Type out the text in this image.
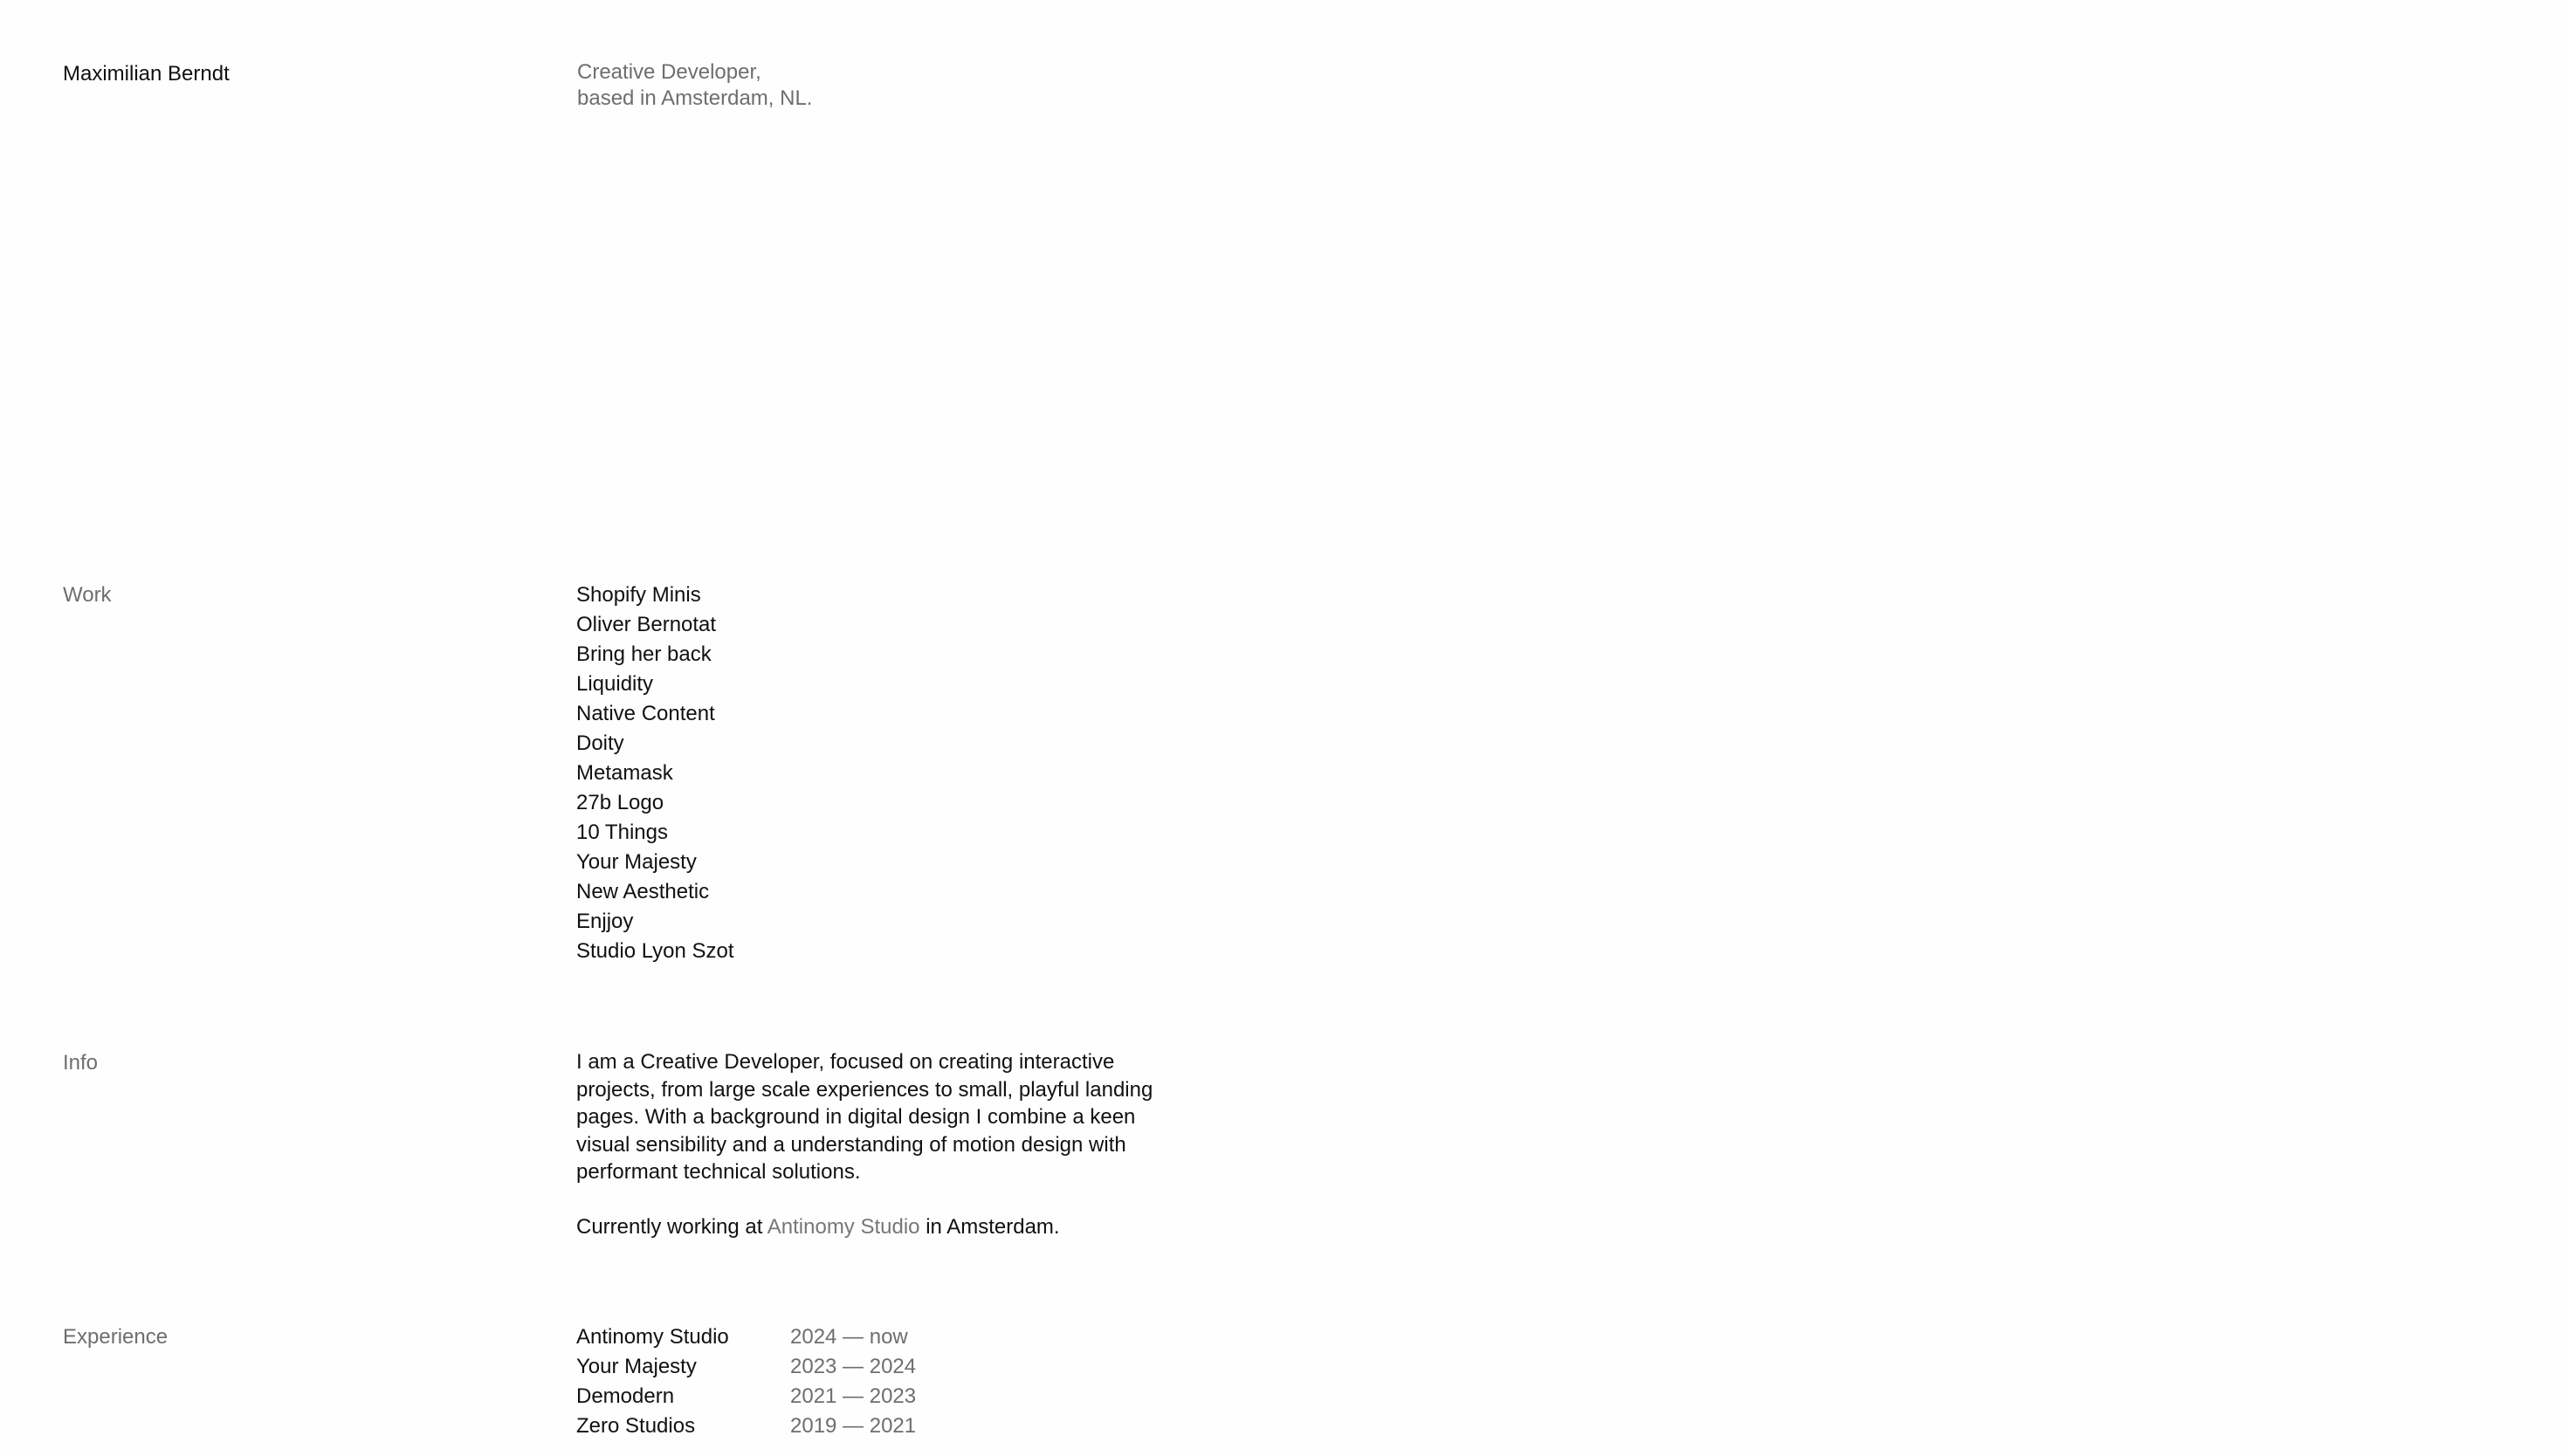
Maximilian Berndt	Creative Developer,
based in Amsterdam, NL.
Work	Shopify Minis
Oliver Bernotat
Bring her back
Liquidity
Native Content
Doity
Metamask
27b Logo
10 Things
Your Majesty
New Aesthetic
Enjjoy
Studio Lyon Szot
Info	I am a Creative Developer, focused on creating interactive projects, from large scale experiences to small, playful landing pages. With a background in digital design I combine a keen visual sensibility and a understanding of motion design with performant technical solutions.

Currently working at Antinomy Studio in Amsterdam.

Experience	Antinomy Studio	2024 — now
Your Majesty	2023 — 2024
Demodern	2021 — 2023
Zero Studios	2019 — 2021
